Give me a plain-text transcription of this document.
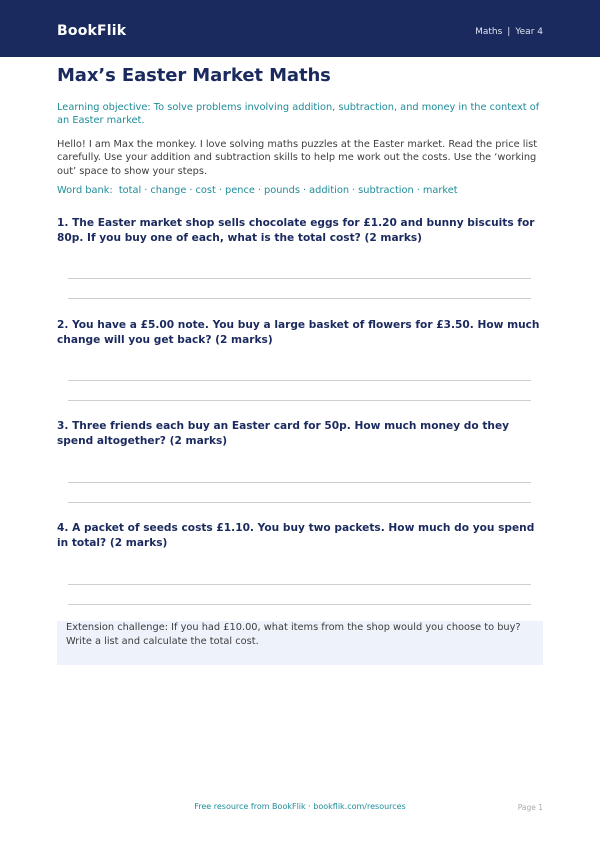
BookFlik	Maths | Year 4
Max’s Easter Market Maths
Learning objective: To solve problems involving addition, subtraction, and money in the context of an Easter market.
Hello! I am Max the monkey. I love solving maths puzzles at the Easter market. Read the price list carefully. Use your addition and subtraction skills to help me work out the costs. Use the ‘working out’ space to show your steps.
Word bank: total · change · cost · pence · pounds · addition · subtraction · market
1. The Easter market shop sells chocolate eggs for £1.20 and bunny biscuits for 80p. If you buy one of each, what is the total cost? (2 marks)
2. You have a £5.00 note. You buy a large basket of flowers for £3.50. How much change will you get back? (2 marks)
3. Three friends each buy an Easter card for 50p. How much money do they spend altogether? (2 marks)
4. A packet of seeds costs £1.10. You buy two packets. How much do you spend in total? (2 marks)
Extension challenge: If you had £10.00, what items from the shop would you choose to buy? Write a list and calculate the total cost.
Free resource from BookFlik · bookflik.com/resources	Page 1
